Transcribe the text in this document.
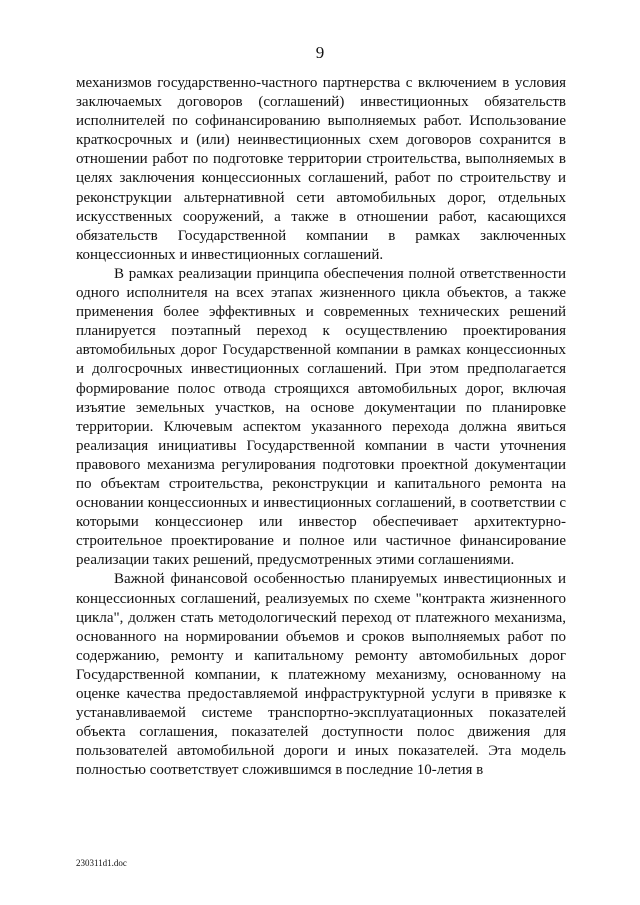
9

механизмов государственно-частного партнерства с включением в условия заключаемых договоров (соглашений) инвестиционных обязательств исполнителей по софинансированию выполняемых работ. Использование краткосрочных и (или) неинвестиционных схем договоров сохранится в отношении работ по подготовке территории строительства, выполняемых в целях заключения концессионных соглашений, работ по строительству и реконструкции альтернативной сети автомобильных дорог, отдельных искусственных сооружений, а также в отношении работ, касающихся обязательств Государственной компании в рамках заключенных концессионных и инвестиционных соглашений.

В рамках реализации принципа обеспечения полной ответственности одного исполнителя на всех этапах жизненного цикла объектов, а также применения более эффективных и современных технических решений планируется поэтапный переход к осуществлению проектирования автомобильных дорог Государственной компании в рамках концессионных и долгосрочных инвестиционных соглашений. При этом предполагается формирование полос отвода строящихся автомобильных дорог, включая изъятие земельных участков, на основе документации по планировке территории. Ключевым аспектом указанного перехода должна явиться реализация инициативы Государственной компании в части уточнения правового механизма регулирования подготовки проектной документации по объектам строительства, реконструкции и капитального ремонта на основании концессионных и инвестиционных соглашений, в соответствии с которыми концессионер или инвестор обеспечивает архитектурно-строительное проектирование и полное или частичное финансирование реализации таких решений, предусмотренных этими соглашениями.

Важной финансовой особенностью планируемых инвестиционных и концессионных соглашений, реализуемых по схеме "контракта жизненного цикла", должен стать методологический переход от платежного механизма, основанного на нормировании объемов и сроков выполняемых работ по содержанию, ремонту и капитальному ремонту автомобильных дорог Государственной компании, к платежному механизму, основанному на оценке качества предоставляемой инфраструктурной услуги в привязке к устанавливаемой системе транспортно-эксплуатационных показателей объекта соглашения, показателей доступности полос движения для пользователей автомобильной дороги и иных показателей. Эта модель полностью соответствует сложившимся в последние 10-летия в

230311d1.doc
